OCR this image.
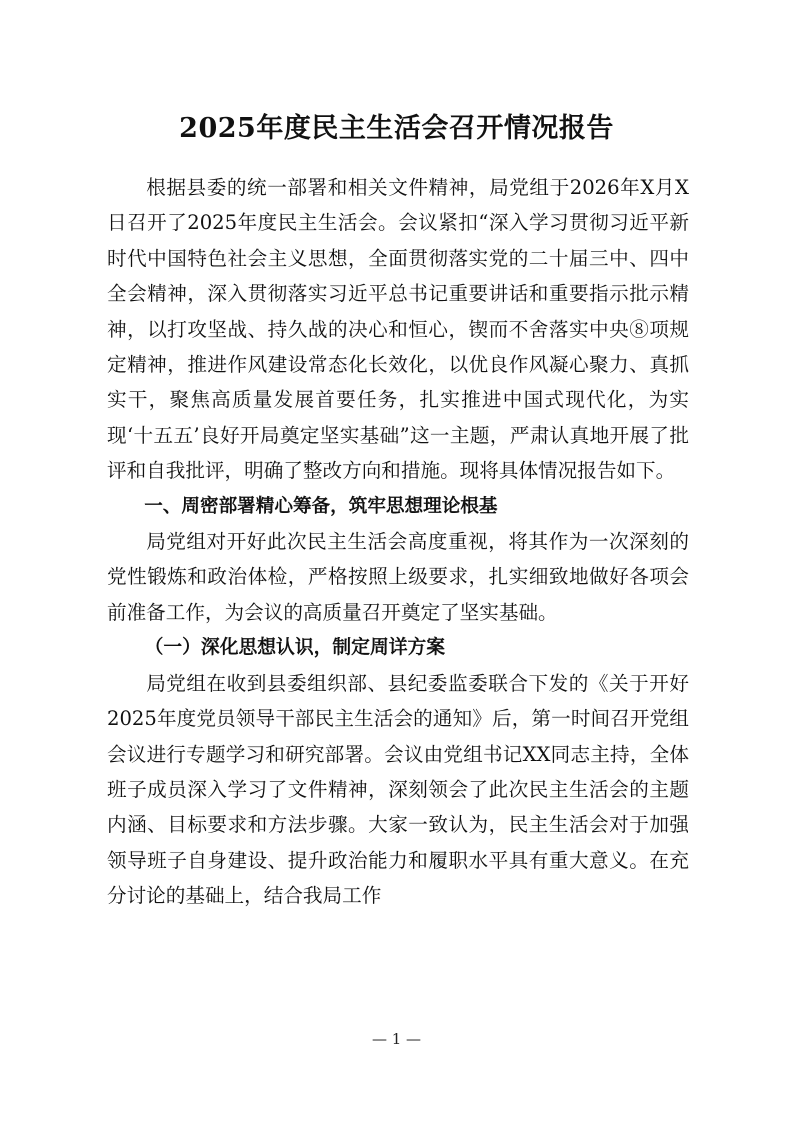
2025年度民主生活会召开情况报告

根据县委的统一部署和相关文件精神，局党组于2026年X月X日召开了2025年度民主生活会。会议紧扣“深入学习贯彻习近平新时代中国特色社会主义思想，全面贯彻落实党的二十届三中、四中全会精神，深入贯彻落实习近平总书记重要讲话和重要指示批示精神，以打攻坚战、持久战的决心和恒心，锲而不舍落实中央⑧项规定精神，推进作风建设常态化长效化，以优良作风凝心聚力、真抓实干，聚焦高质量发展首要任务，扎实推进中国式现代化，为实现‘十五五’良好开局奠定坚实基础”这一主题，严肃认真地开展了批评和自我批评，明确了整改方向和措施。现将具体情况报告如下。

一、周密部署精心筹备，筑牢思想理论根基

局党组对开好此次民主生活会高度重视，将其作为一次深刻的党性锻炼和政治体检，严格按照上级要求，扎实细致地做好各项会前准备工作，为会议的高质量召开奠定了坚实基础。

（一）深化思想认识，制定周详方案

局党组在收到县委组织部、县纪委监委联合下发的《关于开好2025年度党员领导干部民主生活会的通知》后，第一时间召开党组会议进行专题学习和研究部署。会议由党组书记XX同志主持，全体班子成员深入学习了文件精神，深刻领会了此次民主生活会的主题内涵、目标要求和方法步骤。大家一致认为，民主生活会对于加强领导班子自身建设、提升政治能力和履职水平具有重大意义。在充分讨论的基础上，结合我局工作

— 1 —
